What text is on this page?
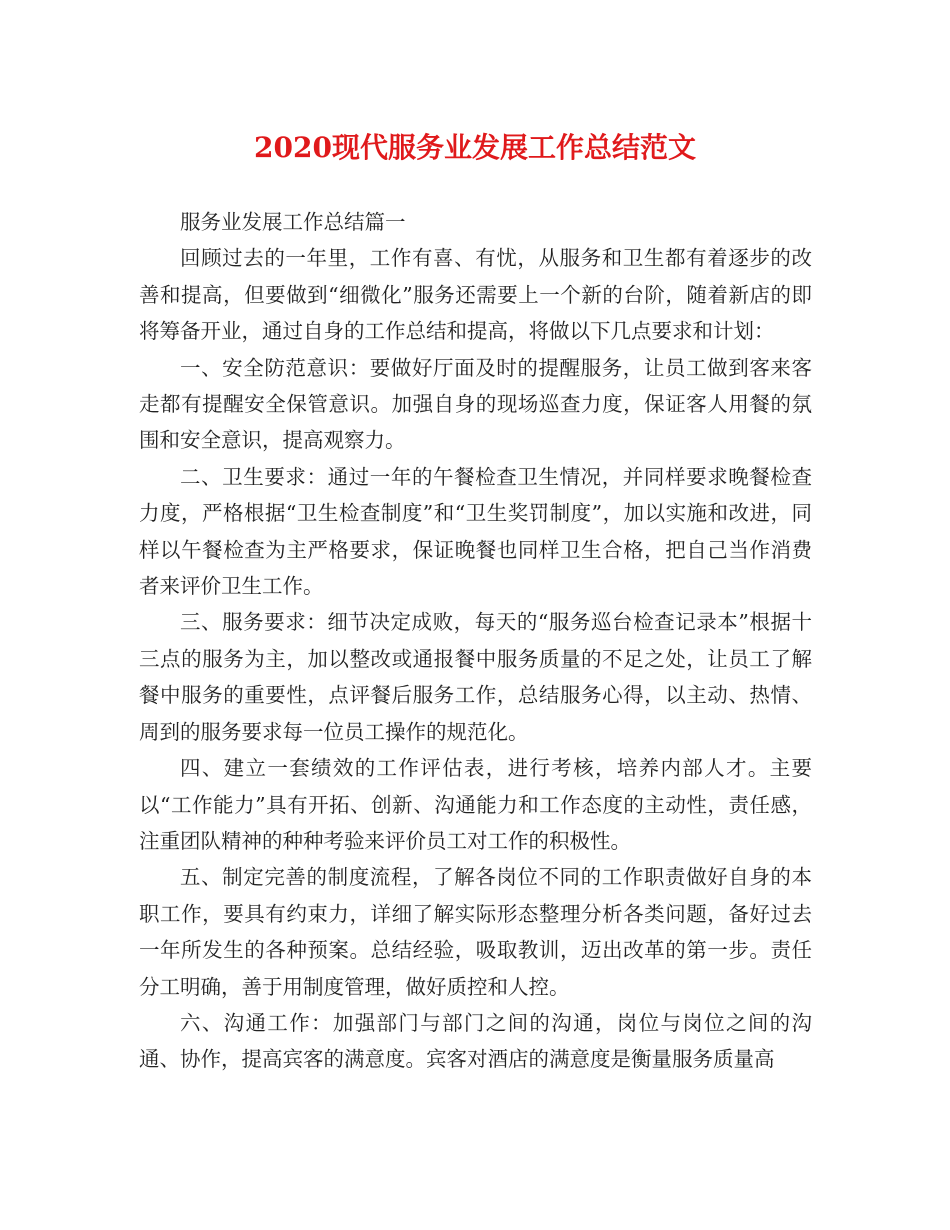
2020现代服务业发展工作总结范文

服务业发展工作总结篇一

回顾过去的一年里，工作有喜、有忧，从服务和卫生都有着逐步的改善和提高，但要做到“细微化”服务还需要上一个新的台阶，随着新店的即将筹备开业，通过自身的工作总结和提高，将做以下几点要求和计划：

一、安全防范意识：要做好厅面及时的提醒服务，让员工做到客来客走都有提醒安全保管意识。加强自身的现场巡查力度，保证客人用餐的氛围和安全意识，提高观察力。

二、卫生要求：通过一年的午餐检查卫生情况，并同样要求晚餐检查力度，严格根据“卫生检查制度”和“卫生奖罚制度”，加以实施和改进，同样以午餐检查为主严格要求，保证晚餐也同样卫生合格，把自己当作消费者来评价卫生工作。

三、服务要求：细节决定成败，每天的“服务巡台检查记录本”根据十三点的服务为主，加以整改或通报餐中服务质量的不足之处，让员工了解餐中服务的重要性，点评餐后服务工作，总结服务心得，以主动、热情、周到的服务要求每一位员工操作的规范化。

四、建立一套绩效的工作评估表，进行考核，培养内部人才。主要以“工作能力”具有开拓、创新、沟通能力和工作态度的主动性，责任感，注重团队精神的种种考验来评价员工对工作的积极性。

五、制定完善的制度流程，了解各岗位不同的工作职责做好自身的本职工作，要具有约束力，详细了解实际形态整理分析各类问题，备好过去一年所发生的各种预案。总结经验，吸取教训，迈出改革的第一步。责任分工明确，善于用制度管理，做好质控和人控。

六、沟通工作：加强部门与部门之间的沟通，岗位与岗位之间的沟通、协作，提高宾客的满意度。宾客对酒店的满意度是衡量服务质量高
